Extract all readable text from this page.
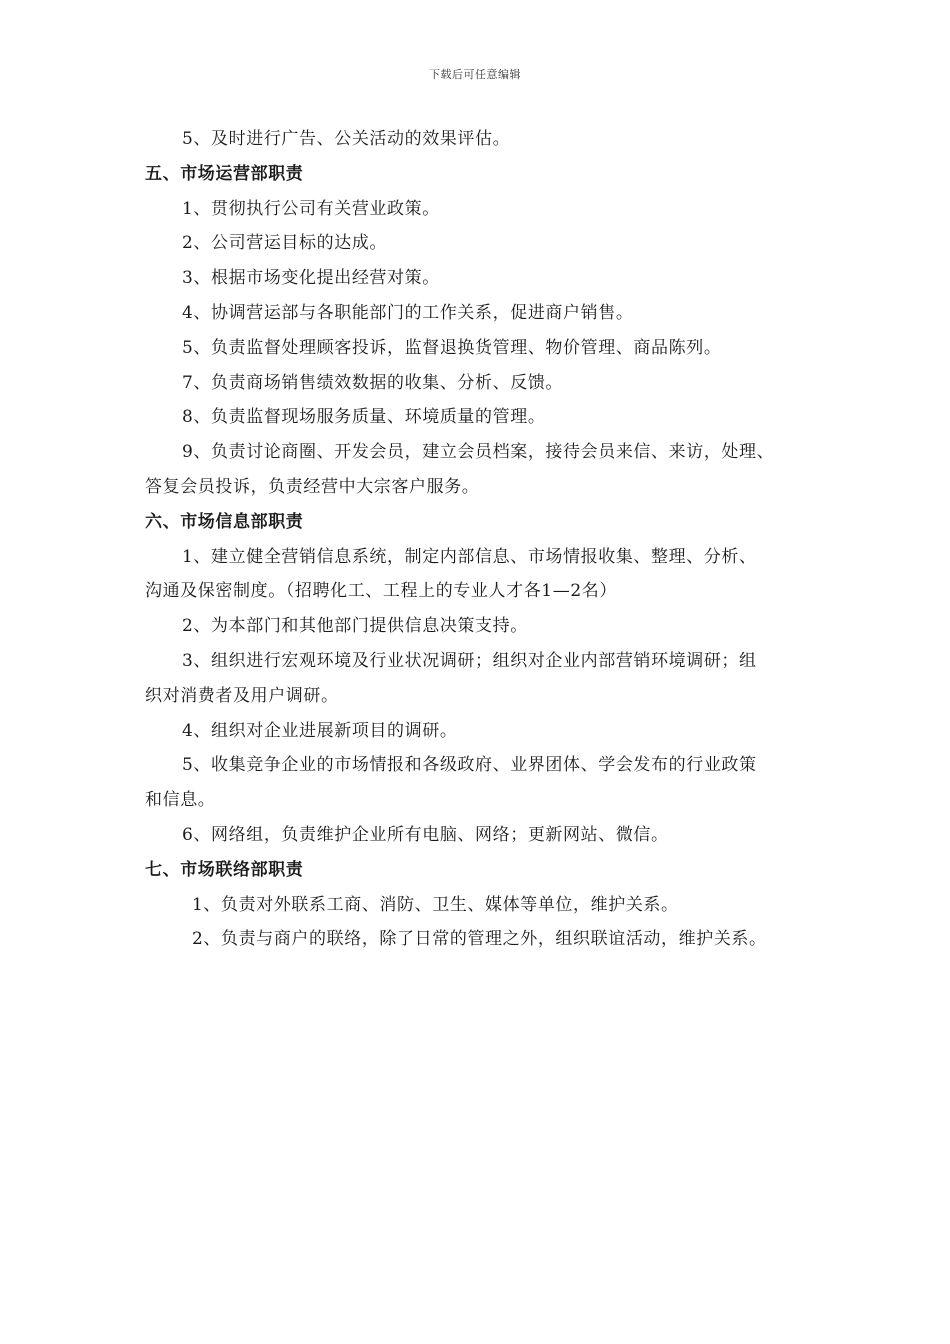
下载后可任意编辑
5、及时进行广告、公关活动的效果评估。
五、市场运营部职责
1、贯彻执行公司有关营业政策。
2、公司营运目标的达成。
3、根据市场变化提出经营对策。
4、协调营运部与各职能部门的工作关系，促进商户销售。
5、负责监督处理顾客投诉，监督退换货管理、物价管理、商品陈列。
7、负责商场销售绩效数据的收集、分析、反馈。
8、负责监督现场服务质量、环境质量的管理。
9、负责讨论商圈、开发会员，建立会员档案，接待会员来信、来访，处理、
答复会员投诉，负责经营中大宗客户服务。
六、市场信息部职责
1、建立健全营销信息系统，制定内部信息、市场情报收集、整理、分析、
沟通及保密制度。（招聘化工、工程上的专业人才各1—2名）
2、为本部门和其他部门提供信息决策支持。
3、组织进行宏观环境及行业状况调研；组织对企业内部营销环境调研；组
织对消费者及用户调研。
4、组织对企业进展新项目的调研。
5、收集竞争企业的市场情报和各级政府、业界团体、学会发布的行业政策
和信息。
6、网络组，负责维护企业所有电脑、网络；更新网站、微信。
七、市场联络部职责
1、负责对外联系工商、消防、卫生、媒体等单位，维护关系。
2、负责与商户的联络，除了日常的管理之外，组织联谊活动，维护关系。
